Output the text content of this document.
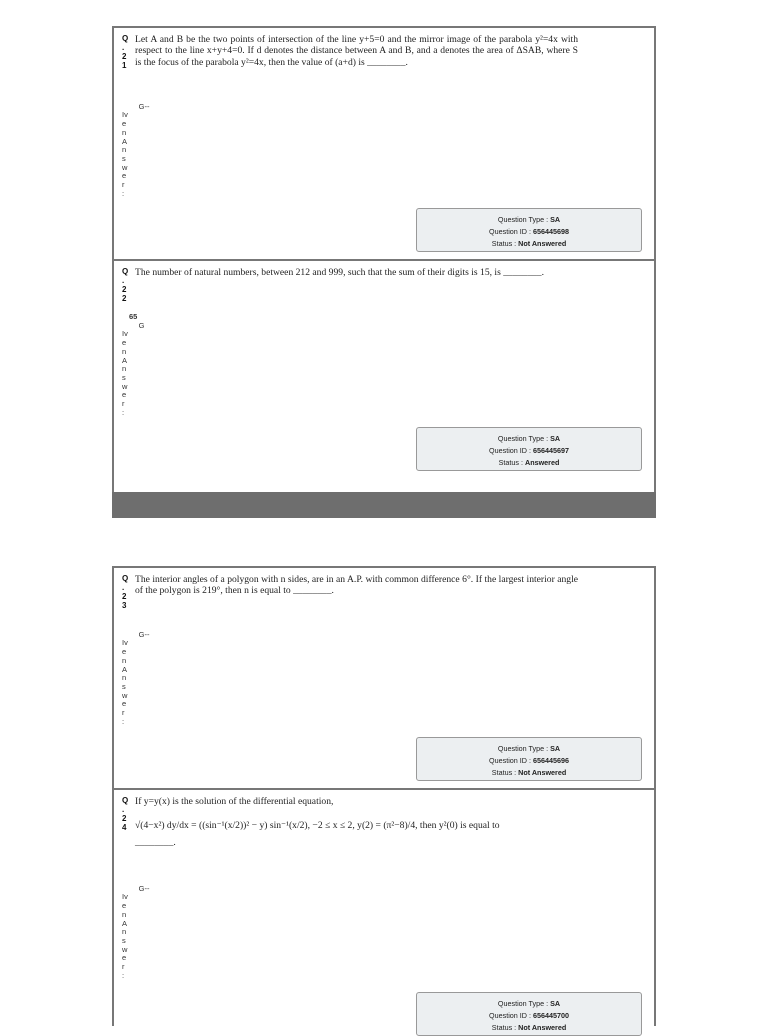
Q
.
2
1
Let A and B be the two points of intersection of the line y+5=0 and the mirror image of the parabola y²=4x with respect to the line x+y+4=0. If d denotes the distance between A and B, and a denotes the area of ΔSAB, where S is the focus of the parabola y²=4x, then the value of (a+d) is ________.

G--
Iv
e
n
A
n
s
w
e
r
:

Question Type : SA
Question ID : 656445698
Status : Not Answered
Q
.
2
2
The number of natural numbers, between 212 and 999, such that the sum of their digits is 15, is ________.

G
Iv
e
n
A
n
s
w
e
r
:

65

Question Type : SA
Question ID : 656445697
Status : Answered
Q
.
2
3
The interior angles of a polygon with n sides, are in an A.P. with common difference 6°. If the largest interior angle of the polygon is 219°, then n is equal to ________.

G--
Iv
e
n
A
n
s
w
e
r
:

Question Type : SA
Question ID : 656445696
Status : Not Answered
Q
.
2
4
If y=y(x) is the solution of the differential equation,
√(4−x²) dy/dx = ((sin⁻¹(x/2))² − y) sin⁻¹(x/2), −2 ≤ x ≤ 2, y(2) = (π²−8)/4, then y²(0) is equal to
________.

G--
Iv
e
n
A
n
s
w
e
r
:

Question Type : SA
Question ID : 656445700
Status : Not Answered
